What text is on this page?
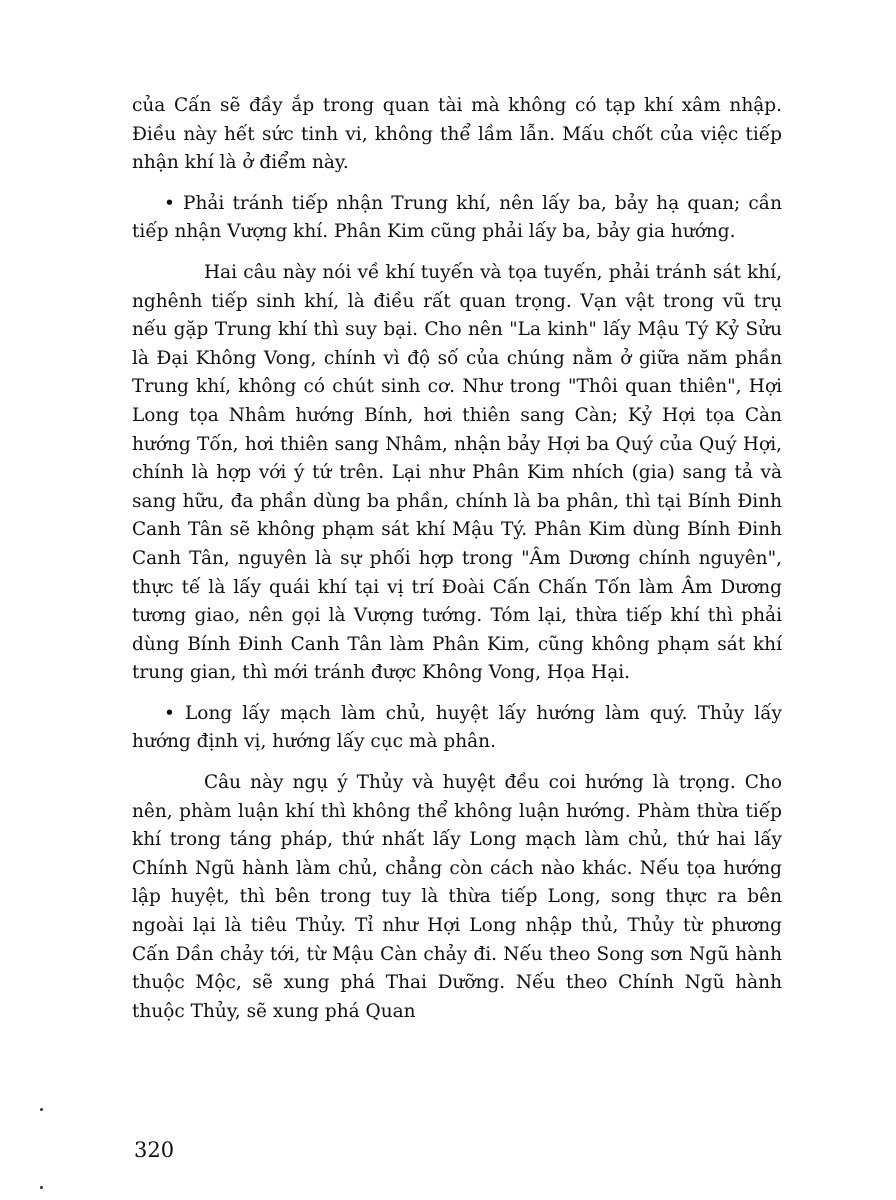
của Cấn sẽ đầy ắp trong quan tài mà không có tạp khí xâm nhập. Điều này hết sức tinh vi, không thể lầm lẫn. Mấu chốt của việc tiếp nhận khí là ở điểm này.

• Phải tránh tiếp nhận Trung khí, nên lấy ba, bảy hạ quan; cần tiếp nhận Vượng khí. Phân Kim cũng phải lấy ba, bảy gia hướng.

Hai câu này nói về khí tuyến và tọa tuyến, phải tránh sát khí, nghênh tiếp sinh khí, là điều rất quan trọng. Vạn vật trong vũ trụ nếu gặp Trung khí thì suy bại. Cho nên "La kinh" lấy Mậu Tý Kỷ Sửu là Đại Không Vong, chính vì độ số của chúng nằm ở giữa năm phần Trung khí, không có chút sinh cơ. Như trong "Thôi quan thiên", Hợi Long tọa Nhâm hướng Bính, hơi thiên sang Càn; Kỷ Hợi tọa Càn hướng Tốn, hơi thiên sang Nhâm, nhận bảy Hợi ba Quý của Quý Hợi, chính là hợp với ý tứ trên. Lại như Phân Kim nhích (gia) sang tả và sang hữu, đa phần dùng ba phần, chính là ba phân, thì tại Bính Đinh Canh Tân sẽ không phạm sát khí Mậu Tý. Phân Kim dùng Bính Đinh Canh Tân, nguyên là sự phối hợp trong "Âm Dương chính nguyên", thực tế là lấy quái khí tại vị trí Đoài Cấn Chấn Tốn làm Âm Dương tương giao, nên gọi là Vượng tướng. Tóm lại, thừa tiếp khí thì phải dùng Bính Đinh Canh Tân làm Phân Kim, cũng không phạm sát khí trung gian, thì mới tránh được Không Vong, Họa Hại.

• Long lấy mạch làm chủ, huyệt lấy hướng làm quý. Thủy lấy hướng định vị, hướng lấy cục mà phân.

Câu này ngụ ý Thủy và huyệt đều coi hướng là trọng. Cho nên, phàm luận khí thì không thể không luận hướng. Phàm thừa tiếp khí trong táng pháp, thứ nhất lấy Long mạch làm chủ, thứ hai lấy Chính Ngũ hành làm chủ, chẳng còn cách nào khác. Nếu tọa hướng lập huyệt, thì bên trong tuy là thừa tiếp Long, song thực ra bên ngoài lại là tiêu Thủy. Tỉ như Hợi Long nhập thủ, Thủy từ phương Cấn Dần chảy tới, từ Mậu Càn chảy đi. Nếu theo Song sơn Ngũ hành thuộc Mộc, sẽ xung phá Thai Dưỡng. Nếu theo Chính Ngũ hành thuộc Thủy, sẽ xung phá Quan

320
